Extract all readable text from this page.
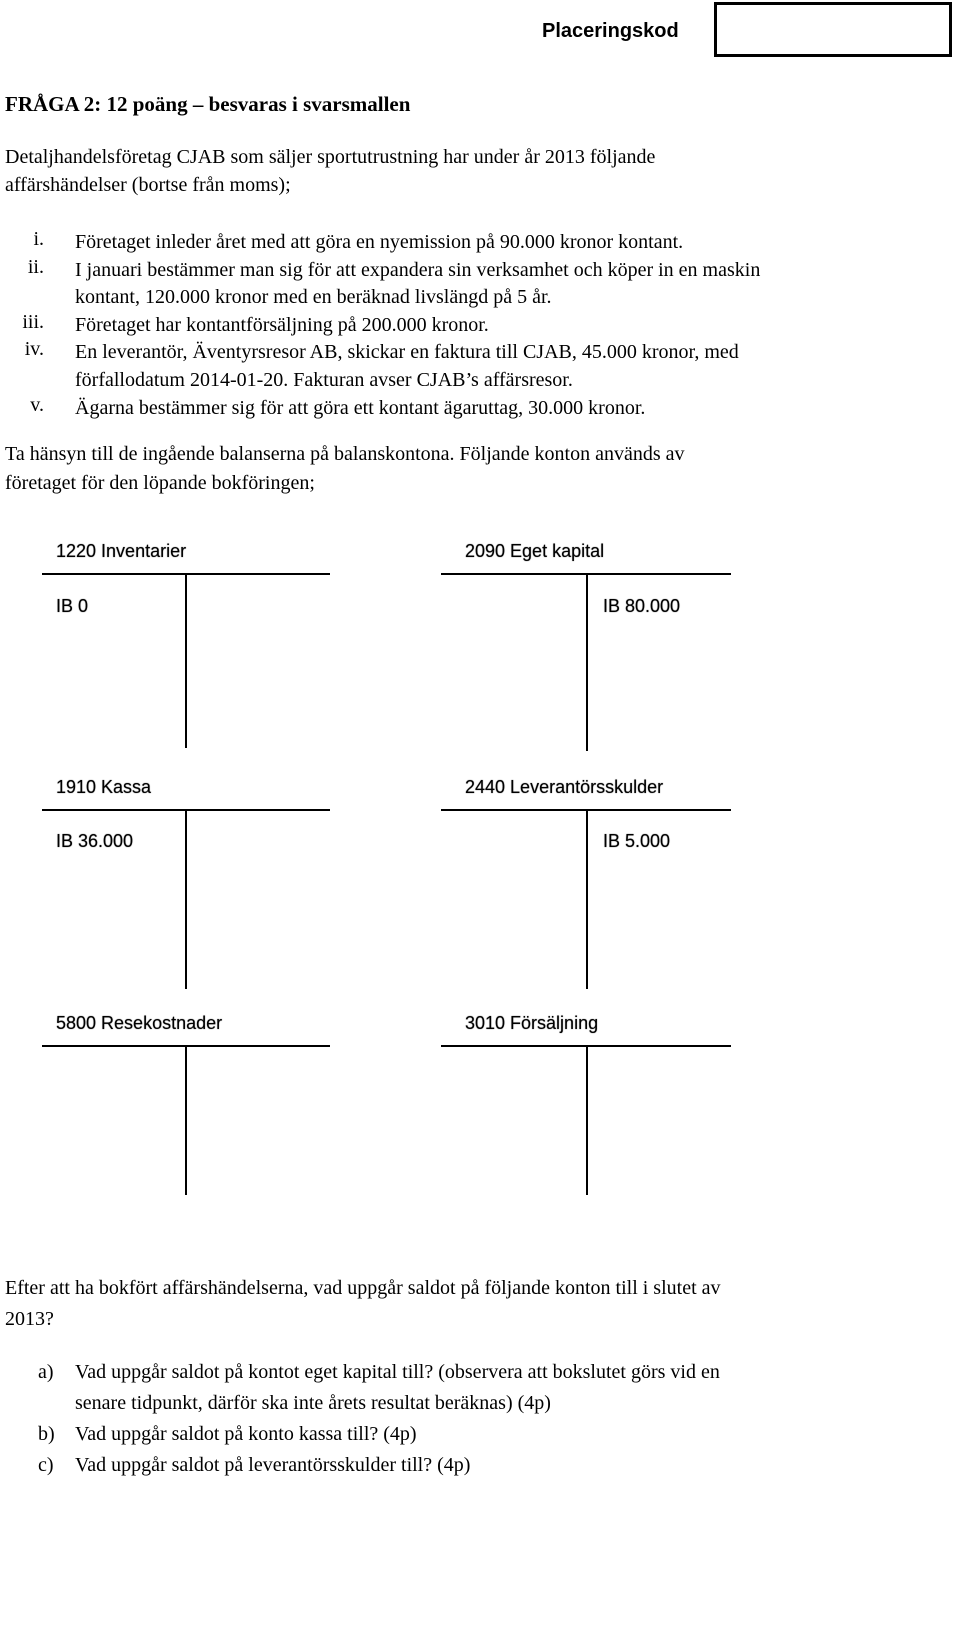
Placeringskod
FRÅGA 2: 12 poäng – besvaras i svarsmallen
Detaljhandelsföretag CJAB som säljer sportutrustning har under år 2013 följande
affärshändelser (bortse från moms);
i. Företaget inleder året med att göra en nyemission på 90.000 kronor kontant.
ii. I januari bestämmer man sig för att expandera sin verksamhet och köper in en maskin
kontant, 120.000 kronor med en beräknad livslängd på 5 år.
iii. Företaget har kontantförsäljning på 200.000 kronor.
iv. En leverantör, Äventyrsresor AB, skickar en faktura till CJAB, 45.000 kronor, med
förfallodatum 2014-01-20. Fakturan avser CJAB’s affärsresor.
v. Ägarna bestämmer sig för att göra ett kontant ägaruttag, 30.000 kronor.
Ta hänsyn till de ingående balanserna på balanskontona. Följande konton används av
företaget för den löpande bokföringen;
1220 Inventarier
IB 0
2090 Eget kapital
IB 80.000
1910 Kassa
IB 36.000
2440 Leverantörsskulder
IB 5.000
5800 Resekostnader	3010 Försäljning
Efter att ha bokfört affärshändelserna, vad uppgår saldot på följande konton till i slutet av
2013?
a) Vad uppgår saldot på kontot eget kapital till? (observera att bokslutet görs vid en
senare tidpunkt, därför ska inte årets resultat beräknas) (4p)
b) Vad uppgår saldot på konto kassa till? (4p)
c) Vad uppgår saldot på leverantörsskulder till? (4p)
